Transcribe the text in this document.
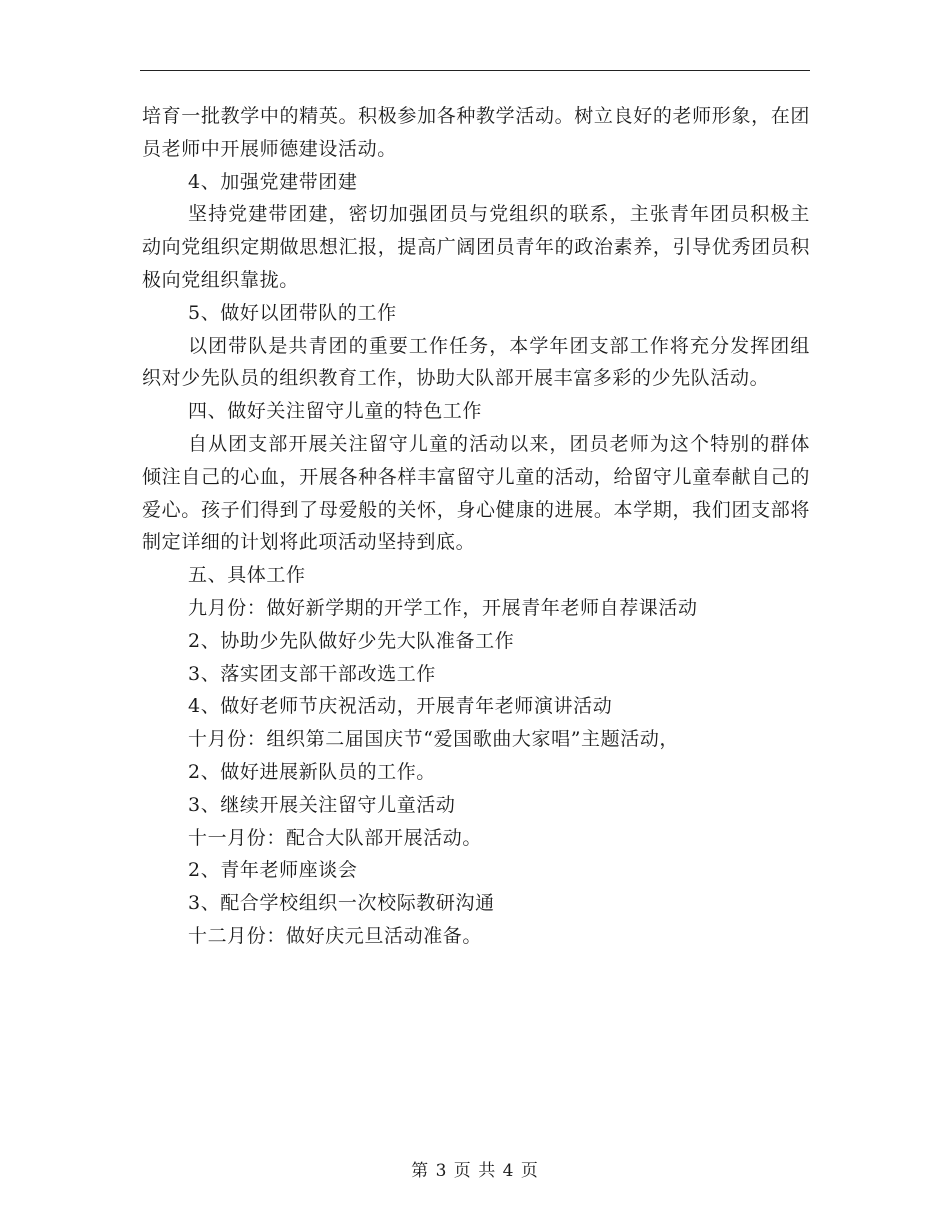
培育一批教学中的精英。积极参加各种教学活动。树立良好的老师形象，在团员老师中开展师德建设活动。

4、加强党建带团建

坚持党建带团建，密切加强团员与党组织的联系，主张青年团员积极主动向党组织定期做思想汇报，提高广阔团员青年的政治素养，引导优秀团员积极向党组织靠拢。

5、做好以团带队的工作

以团带队是共青团的重要工作任务，本学年团支部工作将充分发挥团组织对少先队员的组织教育工作，协助大队部开展丰富多彩的少先队活动。

四、做好关注留守儿童的特色工作

自从团支部开展关注留守儿童的活动以来，团员老师为这个特别的群体倾注自己的心血，开展各种各样丰富留守儿童的活动，给留守儿童奉献自己的爱心。孩子们得到了母爱般的关怀，身心健康的进展。本学期，我们团支部将制定详细的计划将此项活动坚持到底。

五、具体工作

九月份：做好新学期的开学工作，开展青年老师自荐课活动

2、协助少先队做好少先大队准备工作

3、落实团支部干部改选工作

4、做好老师节庆祝活动，开展青年老师演讲活动

十月份：组织第二届国庆节“爱国歌曲大家唱”主题活动，

2、做好进展新队员的工作。

3、继续开展关注留守儿童活动

十一月份：配合大队部开展活动。

2、青年老师座谈会

3、配合学校组织一次校际教研沟通

十二月份：做好庆元旦活动准备。

第 3 页 共 4 页
